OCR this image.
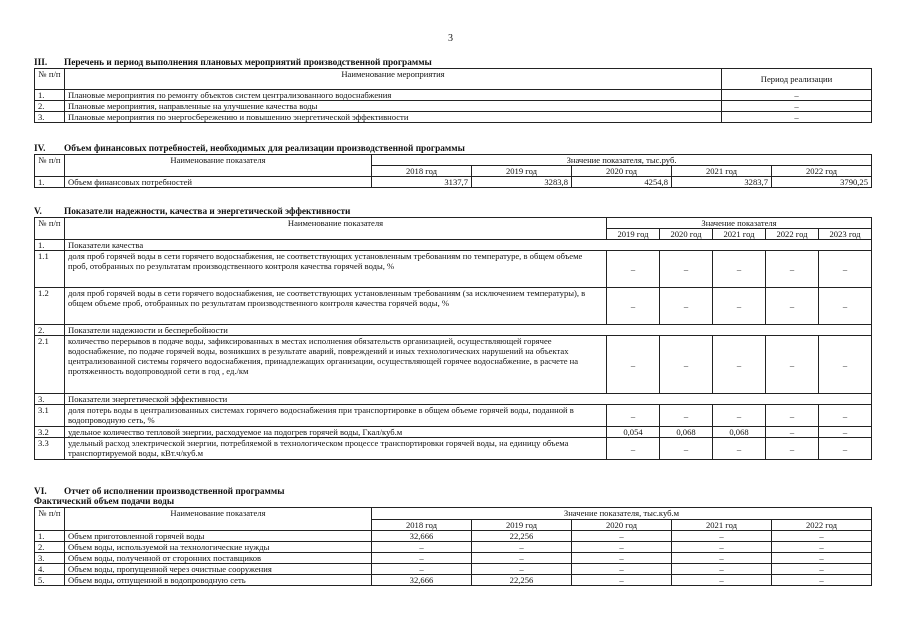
3
III. Перечень и период выполнения плановых мероприятий производственной программы
№ п/п	Наименование мероприятия	Период реализации
1.	Плановые мероприятия по ремонту объектов систем централизованного водоснабжения	–
2.	Плановые мероприятия, направленные на улучшение качества воды	–
3.	Плановые мероприятия по энергосбережению и повышению энергетической эффективности	–
IV. Объем финансовых потребностей, необходимых для реализации производственной программы
№ п/п	Наименование показателя	Значение показателя, тыс.руб.				
		2018 год	2019 год	2020 год	2021 год	2022 год
1.	Объем финансовых потребностей	3137,7	3283,8	4254,8	3283,7	3790,25
V. Показатели надежности, качества и энергетической эффективности
№ п/п	Наименование показателя	Значение показателя				
		2019 год	2020 год	2021 год	2022 год	2023 год
1.	Показатели качества					
1.1	доля проб горячей воды в сети горячего водоснабжения, не соответствующих установленным требованиям по температуре, в общем объеме проб, отобранных по результатам производственного контроля качества горячей воды, %	–	–	–	–	–
1.2	доля проб горячей воды в сети горячего водоснабжения, не соответствующих установленным требованиям (за исключением температуры), в общем объеме проб, отобранных по результатам производственного контроля качества горячей воды, %	–	–	–	–	–
2.	Показатели надежности и бесперебойности					
2.1	количество перерывов в подаче воды, зафиксированных в местах исполнения обязательств организацией, осуществляющей горячее водоснабжение, по подаче горячей воды, возникших в результате аварий, повреждений и иных технологических нарушений на объектах централизованной системы горячего водоснабжения, принадлежащих организации, осуществляющей горячее водоснабжение, в расчете на протяженность водопроводной сети в год , ед./км	–	–	–	–	–
3.	Показатели энергетической эффективности					
3.1	доля потерь воды в централизованных системах горячего водоснабжения при транспортировке в общем объеме горячей воды, поданной в водопроводную сеть, %	–	–	–	–	–
3.2	удельное количество тепловой энергии, расходуемое на подогрев горячей воды, Гкал/куб.м	0,054	0,068	0,068	–	–
3.3	удельный расход электрической энергии, потребляемой в технологическом процессе транспортировки горячей воды, на единицу объема транспортируемой воды, кВт.ч/куб.м	–	–	–	–	–
VI. Отчет об исполнении производственной программы
Фактический объем подачи воды
№ п/п	Наименование показателя	Значение показателя, тыс.куб.м				
		2018 год	2019 год	2020 год	2021 год	2022 год
1.	Объем приготовленной горячей воды	32,666	22,256	–	–	–
2.	Объем воды, используемой на технологические нужды	–	–	–	–	–
3.	Объем воды, полученной от сторонних поставщиков	–	–	–	–	–
4.	Объем воды, пропущенной через очистные сооружения	–	–	–	–	–
5.	Объем воды, отпущенной в водопроводную сеть	32,666	22,256	–	–	–
